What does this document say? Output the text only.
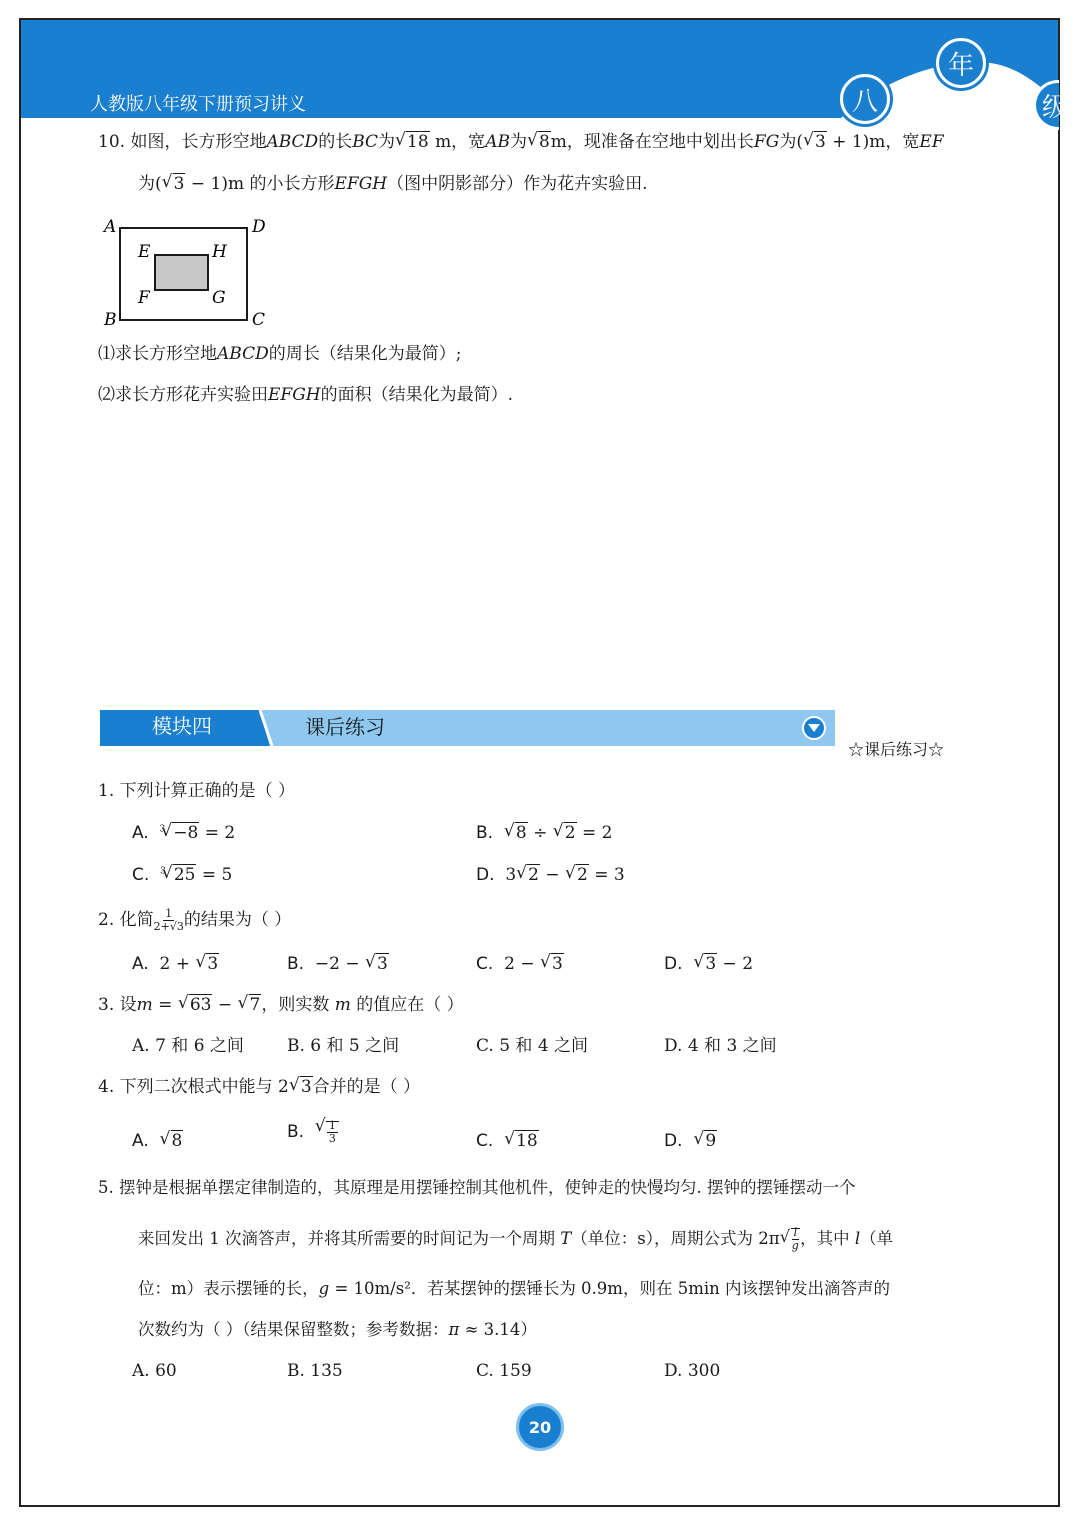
人教版八年级下册预习讲义
年
八	级
10. 如图，长方形空地ABCD的长BC为 √ 18 m，宽AB为 √ 8m，现准备在空地中划出长FG为( √ 3 + 1)m，宽EF
为( √ 3 − 1)m 的小长方形EFGH（图中阴影部分）作为花卉实验田.
A	D
B	C
E	H
F	G
⑴求长方形空地ABCD的周长（结果化为最简）;
⑵求长方形花卉实验田EFGH的面积（结果化为最简）.
模块四	课后练习
☆课后练习☆
1. 下列计算正确的是（ ）
A. $^3$ √ −8 = 2	B. √ 8 ÷ √ 2 = 2
C. $^3$ √ 25 = 5	D. 3 √ 2 − √ 2 = 3
2. 化简 $\frac{1}{2+√3}$ 的结果为（ ）
A. 2 + √ 3	B. −2 − √ 3	C. 2 − √ 3	D. √ 3 − 2
3. 设m = √ 63 − √ 7，则实数 m 的值应在（ ）
A. 7 和 6 之间	B. 6 和 5 之间	C. 5 和 4 之间	D. 4 和 3 之间
4. 下列二次根式中能与 2 √ 3合并的是（ ）
A. √ 8	B. √ $\frac{1}{3}$	C. √ 18	D. √ 9
5. 摆钟是根据单摆定律制造的，其原理是用摆锤控制其他机件，使钟走的快慢均匀. 摆钟的摆锤摆动一个
来回发出 1 次滴答声，并将其所需要的时间记为一个周期 T（单位：s），周期公式为 2π √ $\frac{l}{g}$ ，其中 l（单
位：m）表示摆锤的长，g = 10m/s²．若某摆钟的摆锤长为 0.9m，则在 5min 内该摆钟发出滴答声的
次数约为（ ）（结果保留整数；参考数据：π ≈ 3.14）
A. 60	B. 135	C. 159	D. 300
20
